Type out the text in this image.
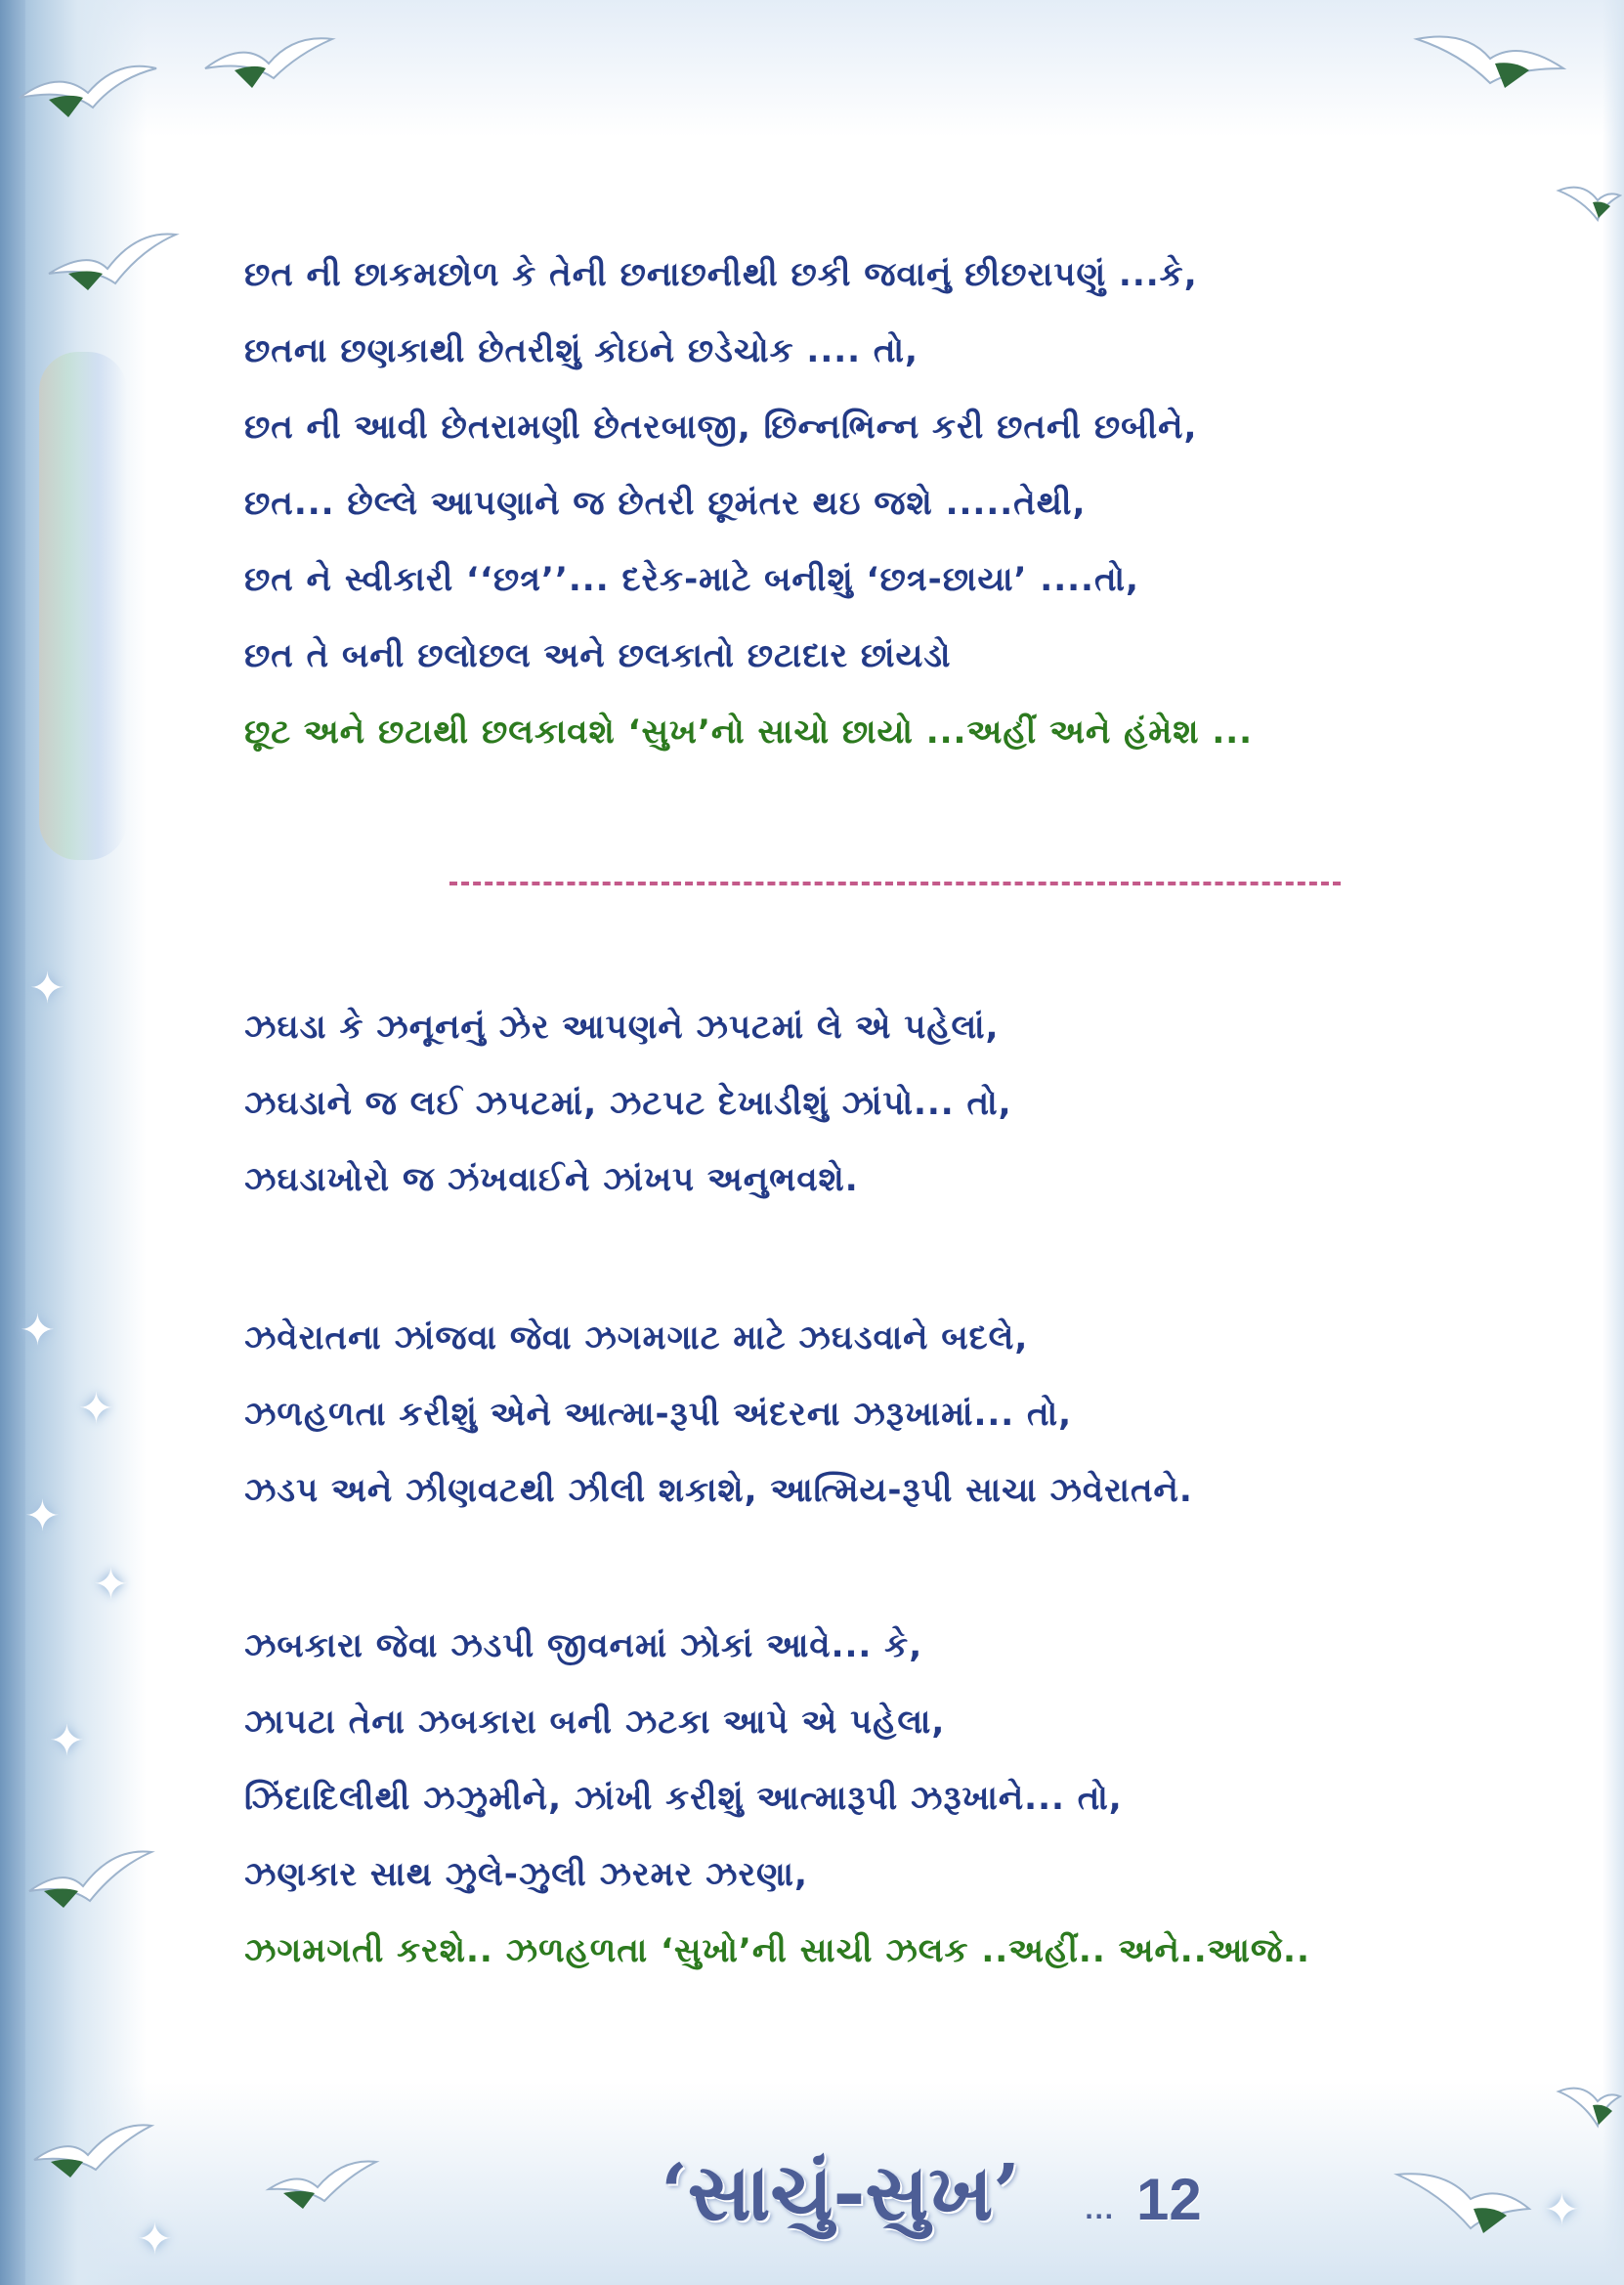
✦
✦
✦
✦
✦
✦
✦
✦
છત ની છાકમછોળ કે તેની છનાછનીથી છકી જવાનું છીછરાપણું ...કે,
છતના છણકાથી છેતરીશું કોઇને છડેચોક .... તો,
છત ની આવી છેતરામણી છેતરબાજી, છિન્નભિન્ન કરી છતની છબીને,
છત... છેલ્લે આપણાને જ છેતરી છૂમંતર થઇ જશે .....તેથી,
છત ને સ્વીકારી ‘‘છત્ર’’... દરેક-માટે બનીશું ‘છત્ર-છાયા’ ....તો,
છત તે બની છલોછલ અને છલકાતો છટાદાર છાંયડો
છૂટ અને છટાથી છલકાવશે ‘સુખ’નો સાચો છાયો ...અહીં અને હંમેશ ...
ઝઘડા કે ઝનૂનનું ઝેર આપણને ઝપટમાં લે એ પહેલાં,
ઝઘડાને જ લઈ ઝપટમાં, ઝટપટ દેખાડીશું ઝાંપો... તો,
ઝઘડાખોરો જ ઝંખવાઈને ઝાંખપ અનુભવશે.
ઝવેરાતના ઝાંજવા જેવા ઝગમગાટ માટે ઝઘડવાને બદલે,
ઝળહળતા કરીશું એને આત્મા-રૂપી અંદરના ઝરૂખામાં... તો,
ઝડપ અને ઝીણવટથી ઝીલી શકાશે, આત્મિય-રૂપી સાચા ઝવેરાતને.
ઝબકારા જેવા ઝડપી જીવનમાં ઝોકાં આવે... કે,
ઝાપટા તેના ઝબકારા બની ઝટકા આપે એ પહેલા,
ઝિંદાદિલીથી ઝઝુમીને, ઝાંખી કરીશું આત્મારૂપી ઝરૂખાને... તો,
ઝણકાર સાથ ઝુલે-ઝુલી ઝરમર ઝરણા,
ઝગમગતી કરશે.. ઝળહળતા ‘સુખો’ની સાચી ઝલક ..અહીં.. અને..આજે..
‘સાચું-સુખ’	... 12
